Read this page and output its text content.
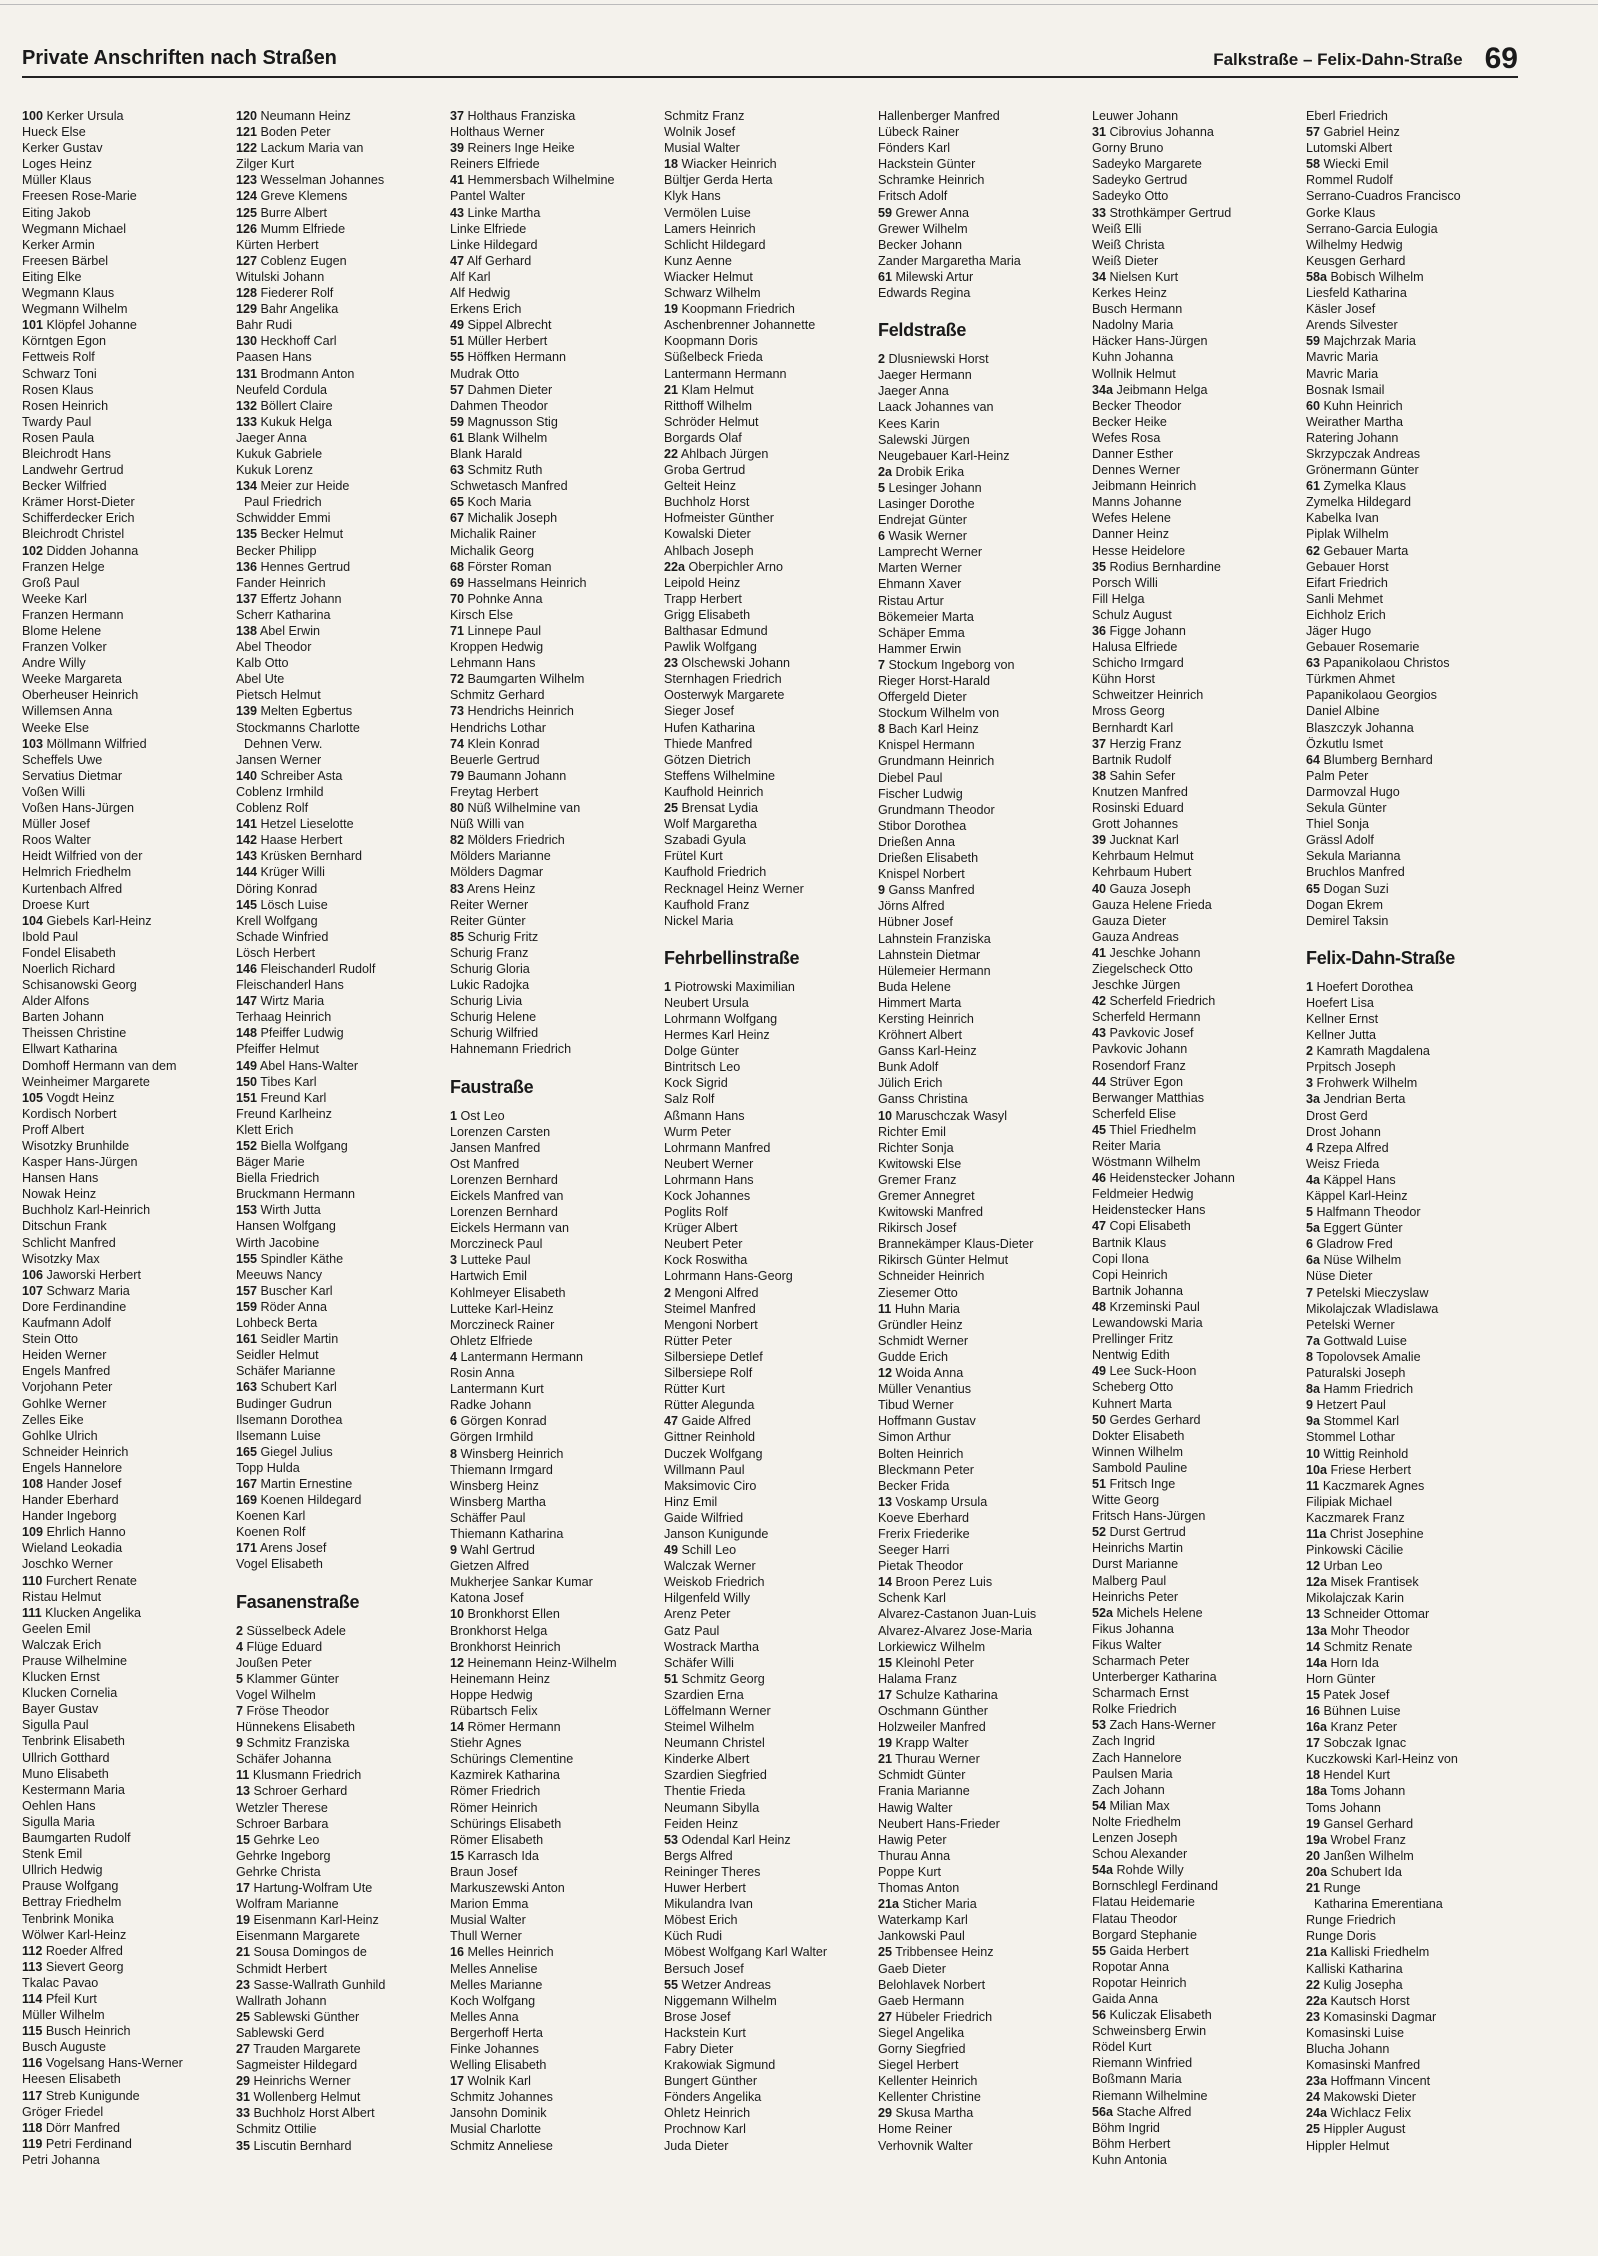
Private Anschriften nach Straßen	Falkstraße – Felix-Dahn-Straße 69
100 Kerker Ursula
Hueck Else
Kerker Gustav
Loges Heinz
Müller Klaus
Freesen Rose-Marie
Eiting Jakob
Wegmann Michael
Kerker Armin
Freesen Bärbel
Eiting Elke
Wegmann Klaus
Wegmann Wilhelm
101 Klöpfel Johanne
Körntgen Egon
Fettweis Rolf
Schwarz Toni
Rosen Klaus
Rosen Heinrich
Twardy Paul
Rosen Paula
Bleichrodt Hans
Landwehr Gertrud
Becker Wilfried
Krämer Horst-Dieter
Schifferdecker Erich
Bleichrodt Christel
102 Didden Johanna
Franzen Helge
Groß Paul
Weeke Karl
Franzen Hermann
Blome Helene
Franzen Volker
Andre Willy
Weeke Margareta
Oberheuser Heinrich
Willemsen Anna
Weeke Else
103 Möllmann Wilfried
Scheffels Uwe
Servatius Dietmar
Voßen Willi
Voßen Hans-Jürgen
Müller Josef
Roos Walter
Heidt Wilfried von der
Helmrich Friedhelm
Kurtenbach Alfred
Droese Kurt
104 Giebels Karl-Heinz
Ibold Paul
Fondel Elisabeth
Noerlich Richard
Schisanowski Georg
Alder Alfons
Barten Johann
Theissen Christine
Ellwart Katharina
Domhoff Hermann van dem
Weinheimer Margarete
105 Vogdt Heinz
Kordisch Norbert
Proff Albert
Wisotzky Brunhilde
Kasper Hans-Jürgen
Hansen Hans
Nowak Heinz
Buchholz Karl-Heinrich
Ditschun Frank
Schlicht Manfred
Wisotzky Max
106 Jaworski Herbert
107 Schwarz Maria
Dore Ferdinandine
Kaufmann Adolf
Stein Otto
Heiden Werner
Engels Manfred
Vorjohann Peter
Gohlke Werner
Zelles Eike
Gohlke Ulrich
Schneider Heinrich
Engels Hannelore
108 Hander Josef
Hander Eberhard
Hander Ingeborg
109 Ehrlich Hanno
Wieland Leokadia
Joschko Werner
110 Furchert Renate
Ristau Helmut
111 Klucken Angelika
Geelen Emil
Walczak Erich
Prause Wilhelmine
Klucken Ernst
Klucken Cornelia
Bayer Gustav
Sigulla Paul
Tenbrink Elisabeth
Ullrich Gotthard
Muno Elisabeth
Kestermann Maria
Oehlen Hans
Sigulla Maria
Baumgarten Rudolf
Stenk Emil
Ullrich Hedwig
Prause Wolfgang
Bettray Friedhelm
Tenbrink Monika
Wölwer Karl-Heinz
112 Roeder Alfred
113 Sievert Georg
Tkalac Pavao
114 Pfeil Kurt
Müller Wilhelm
115 Busch Heinrich
Busch Auguste
116 Vogelsang Hans-Werner
Heesen Elisabeth
117 Streb Kunigunde
Gröger Friedel
118 Dörr Manfred
119 Petri Ferdinand
Petri Johanna
120 Neumann Heinz
121 Boden Peter
122 Lackum Maria van
Zilger Kurt
123 Wesselman Johannes
124 Greve Klemens
125 Burre Albert
126 Mumm Elfriede
Kürten Herbert
127 Coblenz Eugen
Witulski Johann
128 Fiederer Rolf
129 Bahr Angelika
Bahr Rudi
130 Heckhoff Carl
Paasen Hans
131 Brodmann Anton
Neufeld Cordula
132 Böllert Claire
133 Kukuk Helga
Jaeger Anna
Kukuk Gabriele
Kukuk Lorenz
134 Meier zur Heide
Paul Friedrich
Schwidder Emmi
135 Becker Helmut
Becker Philipp
136 Hennes Gertrud
Fander Heinrich
137 Effertz Johann
Scherr Katharina
138 Abel Erwin
Abel Theodor
Kalb Otto
Abel Ute
Pietsch Helmut
139 Melten Egbertus
Stockmanns Charlotte
Dehnen Verw.
Jansen Werner
140 Schreiber Asta
Coblenz Irmhild
Coblenz Rolf
141 Hetzel Lieselotte
142 Haase Herbert
143 Krüsken Bernhard
144 Krüger Willi
Döring Konrad
145 Lösch Luise
Krell Wolfgang
Schade Winfried
Lösch Herbert
146 Fleischanderl Rudolf
Fleischanderl Hans
147 Wirtz Maria
Terhaag Heinrich
148 Pfeiffer Ludwig
Pfeiffer Helmut
149 Abel Hans-Walter
150 Tibes Karl
151 Freund Karl
Freund Karlheinz
Klett Erich
152 Biella Wolfgang
Bäger Marie
Biella Friedrich
Bruckmann Hermann
153 Wirth Jutta
Hansen Wolfgang
Wirth Jacobine
155 Spindler Käthe
Meeuws Nancy
157 Buscher Karl
159 Röder Anna
Lohbeck Berta
161 Seidler Martin
Seidler Helmut
Schäfer Marianne
163 Schubert Karl
Budinger Gudrun
Ilsemann Dorothea
Ilsemann Luise
165 Giegel Julius
Topp Hulda
167 Martin Ernestine
169 Koenen Hildegard
Koenen Karl
Koenen Rolf
171 Arens Josef
Vogel Elisabeth
Fasanenstraße
2 Süsselbeck Adele
4 Flüge Eduard
Joußen Peter
5 Klammer Günter
Vogel Wilhelm
7 Fröse Theodor
Hünnekens Elisabeth
9 Schmitz Franziska
Schäfer Johanna
11 Klusmann Friedrich
13 Schroer Gerhard
Wetzler Therese
Schroer Barbara
15 Gehrke Leo
Gehrke Ingeborg
Gehrke Christa
17 Hartung-Wolfram Ute
Wolfram Marianne
19 Eisenmann Karl-Heinz
Eisenmann Margarete
21 Sousa Domingos de
Schmidt Herbert
23 Sasse-Wallrath Gunhild
Wallrath Johann
25 Sablewski Günther
Sablewski Gerd
27 Trauden Margarete
Sagmeister Hildegard
29 Heinrichs Werner
31 Wollenberg Helmut
33 Buchholz Horst Albert
Schmitz Ottilie
35 Liscutin Bernhard
37 Holthaus Franziska
Holthaus Werner
39 Reiners Inge Heike
Reiners Elfriede
41 Hemmersbach Wilhelmine
Pantel Walter
43 Linke Martha
Linke Elfriede
Linke Hildegard
47 Alf Gerhard
Alf Karl
Alf Hedwig
Erkens Erich
49 Sippel Albrecht
51 Müller Herbert
55 Höffken Hermann
Mudrak Otto
57 Dahmen Dieter
Dahmen Theodor
59 Magnusson Stig
61 Blank Wilhelm
Blank Harald
63 Schmitz Ruth
Schwetasch Manfred
65 Koch Maria
67 Michalik Joseph
Michalik Rainer
Michalik Georg
68 Förster Roman
69 Hasselmans Heinrich
70 Pohnke Anna
Kirsch Else
71 Linnepe Paul
Kroppen Hedwig
Lehmann Hans
72 Baumgarten Wilhelm
Schmitz Gerhard
73 Hendrichs Heinrich
Hendrichs Lothar
74 Klein Konrad
Beuerle Gertrud
79 Baumann Johann
Freytag Herbert
80 Nüß Wilhelmine van
Nüß Willi van
82 Mölders Friedrich
Mölders Marianne
Mölders Dagmar
83 Arens Heinz
Reiter Werner
Reiter Günter
85 Schurig Fritz
Schurig Franz
Schurig Gloria
Lukic Radojka
Schurig Livia
Schurig Helene
Schurig Wilfried
Hahnemann Friedrich
Faustraße
1 Ost Leo
Lorenzen Carsten
Jansen Manfred
Ost Manfred
Lorenzen Bernhard
Eickels Manfred van
Lorenzen Bernhard
Eickels Hermann van
Morczineck Paul
3 Lutteke Paul
Hartwich Emil
Kohlmeyer Elisabeth
Lutteke Karl-Heinz
Morczineck Rainer
Ohletz Elfriede
4 Lantermann Hermann
Rosin Anna
Lantermann Kurt
Radke Johann
6 Görgen Konrad
Görgen Irmhild
8 Winsberg Heinrich
Thiemann Irmgard
Winsberg Heinz
Winsberg Martha
Schäffer Paul
Thiemann Katharina
9 Wahl Gertrud
Gietzen Alfred
Mukherjee Sankar Kumar
Katona Josef
10 Bronkhorst Ellen
Bronkhorst Helga
Bronkhorst Heinrich
12 Heinemann Heinz-Wilhelm
Heinemann Heinz
Hoppe Hedwig
Rübartsch Felix
14 Römer Hermann
Stiehr Agnes
Schürings Clementine
Kazmirek Katharina
Römer Friedrich
Römer Heinrich
Schürings Elisabeth
Römer Elisabeth
15 Karrasch Ida
Braun Josef
Markuszewski Anton
Marion Emma
Musial Walter
Thull Werner
16 Melles Heinrich
Melles Annelise
Melles Marianne
Koch Wolfgang
Melles Anna
Bergerhoff Herta
Finke Johannes
Welling Elisabeth
17 Wolnik Karl
Schmitz Johannes
Jansohn Dominik
Musial Charlotte
Schmitz Anneliese
Schmitz Franz
Wolnik Josef
Musial Walter
18 Wiacker Heinrich
Bültjer Gerda Herta
Klyk Hans
Vermölen Luise
Lamers Heinrich
Schlicht Hildegard
Kunz Aenne
Wiacker Helmut
Schwarz Wilhelm
19 Koopmann Friedrich
Aschenbrenner Johannette
Koopmann Doris
Süßelbeck Frieda
Lantermann Hermann
21 Klam Helmut
Ritthoff Wilhelm
Schröder Helmut
Borgards Olaf
22 Ahlbach Jürgen
Groba Gertrud
Gelteit Heinz
Buchholz Horst
Hofmeister Günther
Kowalski Dieter
Ahlbach Joseph
22a Oberpichler Arno
Leipold Heinz
Trapp Herbert
Grigg Elisabeth
Balthasar Edmund
Pawlik Wolfgang
23 Olschewski Johann
Sternhagen Friedrich
Oosterwyk Margarete
Sieger Josef
Hufen Katharina
Thiede Manfred
Götzen Dietrich
Steffens Wilhelmine
Kaufhold Heinrich
25 Brensat Lydia
Wolf Margaretha
Szabadi Gyula
Frütel Kurt
Kaufhold Friedrich
Recknagel Heinz Werner
Kaufhold Franz
Nickel Maria
Fehrbellinstraße
1 Piotrowski Maximilian
Neubert Ursula
Lohrmann Wolfgang
Hermes Karl Heinz
Dolge Günter
Bintritsch Leo
Kock Sigrid
Salz Rolf
Aßmann Hans
Wurm Peter
Lohrmann Manfred
Neubert Werner
Lohrmann Hans
Kock Johannes
Poglits Rolf
Krüger Albert
Neubert Peter
Kock Roswitha
Lohrmann Hans-Georg
2 Mengoni Alfred
Steimel Manfred
Mengoni Norbert
Rütter Peter
Silbersiepe Detlef
Silbersiepe Rolf
Rütter Kurt
Rütter Alegunda
47 Gaide Alfred
Gittner Reinhold
Duczek Wolfgang
Willmann Paul
Maksimovic Ciro
Hinz Emil
Gaide Wilfried
Janson Kunigunde
49 Schill Leo
Walczak Werner
Weiskob Friedrich
Hilgenfeld Willy
Arenz Peter
Gatz Paul
Wostrack Martha
Schäfer Willi
51 Schmitz Georg
Szardien Erna
Löffelmann Werner
Steimel Wilhelm
Neumann Christel
Kinderke Albert
Szardien Siegfried
Thentie Frieda
Neumann Sibylla
Feiden Heinz
53 Odendal Karl Heinz
Bergs Alfred
Reininger Theres
Huwer Herbert
Mikulandra Ivan
Möbest Erich
Küch Rudi
Möbest Wolfgang Karl Walter
Bersuch Josef
55 Wetzer Andreas
Niggemann Wilhelm
Brose Josef
Hackstein Kurt
Fabry Dieter
Krakowiak Sigmund
Bungert Günther
Fönders Angelika
Ohletz Heinrich
Prochnow Karl
Juda Dieter
Hallenberger Manfred
Lübeck Rainer
Fönders Karl
Hackstein Günter
Schramke Heinrich
Fritsch Adolf
59 Grewer Anna
Grewer Wilhelm
Becker Johann
Zander Margaretha Maria
61 Milewski Artur
Edwards Regina
Feldstraße
2 Dlusniewski Horst
Jaeger Hermann
Jaeger Anna
Laack Johannes van
Kees Karin
Salewski Jürgen
Neugebauer Karl-Heinz
2a Drobik Erika
5 Lesinger Johann
Lasinger Dorothe
Endrejat Günter
6 Wasik Werner
Lamprecht Werner
Marten Werner
Ehmann Xaver
Ristau Artur
Bökemeier Marta
Schäper Emma
Hammer Erwin
7 Stockum Ingeborg von
Rieger Horst-Harald
Offergeld Dieter
Stockum Wilhelm von
8 Bach Karl Heinz
Knispel Hermann
Grundmann Heinrich
Diebel Paul
Fischer Ludwig
Grundmann Theodor
Stibor Dorothea
Drießen Anna
Drießen Elisabeth
Knispel Norbert
9 Ganss Manfred
Jörns Alfred
Hübner Josef
Lahnstein Franziska
Lahnstein Dietmar
Hülemeier Hermann
Buda Helene
Himmert Marta
Kersting Heinrich
Kröhnert Albert
Ganss Karl-Heinz
Bunk Adolf
Jülich Erich
Ganss Christina
10 Maruschczak Wasyl
Richter Emil
Richter Sonja
Kwitowski Else
Gremer Franz
Gremer Annegret
Kwitowski Manfred
Rikirsch Josef
Brannekämper Klaus-Dieter
Rikirsch Günter Helmut
Schneider Heinrich
Ziesemer Otto
11 Huhn Maria
Gründler Heinz
Schmidt Werner
Gudde Erich
12 Woida Anna
Müller Venantius
Tibud Werner
Hoffmann Gustav
Simon Arthur
Bolten Heinrich
Bleckmann Peter
Becker Frida
13 Voskamp Ursula
Koeve Eberhard
Frerix Friederike
Seeger Harri
Pietak Theodor
14 Broon Perez Luis
Schenk Karl
Alvarez-Castanon Juan-Luis
Alvarez-Alvarez Jose-Maria
Lorkiewicz Wilhelm
15 Kleinohl Peter
Halama Franz
17 Schulze Katharina
Oschmann Günther
Holzweiler Manfred
19 Krapp Walter
21 Thurau Werner
Schmidt Günter
Frania Marianne
Hawig Walter
Neubert Hans-Frieder
Hawig Peter
Thurau Anna
Poppe Kurt
Thomas Anton
21a Sticher Maria
Waterkamp Karl
Jankowski Paul
25 Tribbensee Heinz
Gaeb Dieter
Belohlavek Norbert
Gaeb Hermann
27 Hübeler Friedrich
Siegel Angelika
Gorny Siegfried
Siegel Herbert
Kellenter Heinrich
Kellenter Christine
29 Skusa Martha
Home Reiner
Verhovnik Walter
Leuwer Johann
31 Cibrovius Johanna
Gorny Bruno
Sadeyko Margarete
Sadeyko Gertrud
Sadeyko Otto
33 Strothkämper Gertrud
Weiß Elli
Weiß Christa
Weiß Dieter
34 Nielsen Kurt
Kerkes Heinz
Busch Hermann
Nadolny Maria
Häcker Hans-Jürgen
Kuhn Johanna
Wollnik Helmut
34a Jeibmann Helga
Becker Theodor
Becker Heike
Wefes Rosa
Danner Esther
Dennes Werner
Jeibmann Heinrich
Manns Johanne
Wefes Helene
Danner Heinz
Hesse Heidelore
35 Rodius Bernhardine
Porsch Willi
Fill Helga
Schulz August
36 Figge Johann
Halusa Elfriede
Schicho Irmgard
Kühn Horst
Schweitzer Heinrich
Mross Georg
Bernhardt Karl
37 Herzig Franz
Bartnik Rudolf
38 Sahin Sefer
Knutzen Manfred
Rosinski Eduard
Grott Johannes
39 Jucknat Karl
Kehrbaum Helmut
Kehrbaum Hubert
40 Gauza Joseph
Gauza Helene Frieda
Gauza Dieter
Gauza Andreas
41 Jeschke Johann
Ziegelscheck Otto
Jeschke Jürgen
42 Scherfeld Friedrich
Scherfeld Hermann
43 Pavkovic Josef
Pavkovic Johann
Rosendorf Franz
44 Strüver Egon
Berwanger Matthias
Scherfeld Elise
45 Thiel Friedhelm
Reiter Maria
Wöstmann Wilhelm
46 Heidenstecker Johann
Feldmeier Hedwig
Heidenstecker Hans
47 Copi Elisabeth
Bartnik Klaus
Copi Ilona
Copi Heinrich
Bartnik Johanna
48 Krzeminski Paul
Lewandowski Maria
Prellinger Fritz
Nentwig Edith
49 Lee Suck-Hoon
Scheberg Otto
Kuhnert Marta
50 Gerdes Gerhard
Dokter Elisabeth
Winnen Wilhelm
Sambold Pauline
51 Fritsch Inge
Witte Georg
Fritsch Hans-Jürgen
52 Durst Gertrud
Heinrichs Martin
Durst Marianne
Malberg Paul
Heinrichs Peter
52a Michels Helene
Fikus Johanna
Fikus Walter
Scharmach Peter
Unterberger Katharina
Scharmach Ernst
Rolke Friedrich
53 Zach Hans-Werner
Zach Ingrid
Zach Hannelore
Paulsen Maria
Zach Johann
54 Milian Max
Nolte Friedhelm
Lenzen Joseph
Schou Alexander
54a Rohde Willy
Bornschlegl Ferdinand
Flatau Heidemarie
Flatau Theodor
Borgard Stephanie
55 Gaida Herbert
Ropotar Anna
Ropotar Heinrich
Gaida Anna
56 Kuliczak Elisabeth
Schweinsberg Erwin
Rödel Kurt
Riemann Winfried
Boßmann Maria
Riemann Wilhelmine
56a Stache Alfred
Böhm Ingrid
Böhm Herbert
Kuhn Antonia
Eberl Friedrich
57 Gabriel Heinz
Lutomski Albert
58 Wiecki Emil
Rommel Rudolf
Serrano-Cuadros Francisco
Gorke Klaus
Serrano-Garcia Eulogia
Wilhelmy Hedwig
Keusgen Gerhard
58a Bobisch Wilhelm
Liesfeld Katharina
Käsler Josef
Arends Silvester
59 Majchrzak Maria
Mavric Maria
Mavric Maria
Bosnak Ismail
60 Kuhn Heinrich
Weirather Martha
Ratering Johann
Skrzypczak Andreas
Grönermann Günter
61 Zymelka Klaus
Zymelka Hildegard
Kabelka Ivan
Piplak Wilhelm
62 Gebauer Marta
Gebauer Horst
Eifart Friedrich
Sanli Mehmet
Eichholz Erich
Jäger Hugo
Gebauer Rosemarie
63 Papanikolaou Christos
Türkmen Ahmet
Papanikolaou Georgios
Daniel Albine
Blaszczyk Johanna
Özkutlu Ismet
64 Blumberg Bernhard
Palm Peter
Darmovzal Hugo
Sekula Günter
Thiel Sonja
Grässl Adolf
Sekula Marianna
Bruchlos Manfred
65 Dogan Suzi
Dogan Ekrem
Demirel Taksin
Felix-Dahn-Straße
1 Hoefert Dorothea
Hoefert Lisa
Kellner Ernst
Kellner Jutta
2 Kamrath Magdalena
Prpitsch Joseph
3 Frohwerk Wilhelm
3a Jendrian Berta
Drost Gerd
Drost Johann
4 Rzepa Alfred
Weisz Frieda
4a Käppel Hans
Käppel Karl-Heinz
5 Halfmann Theodor
5a Eggert Günter
6 Gladrow Fred
6a Nüse Wilhelm
Nüse Dieter
7 Petelski Mieczyslaw
Mikolajczak Wladislawa
Petelski Werner
7a Gottwald Luise
8 Topolovsek Amalie
Paturalski Joseph
8a Hamm Friedrich
9 Hetzert Paul
9a Stommel Karl
Stommel Lothar
10 Wittig Reinhold
10a Friese Herbert
11 Kaczmarek Agnes
Filipiak Michael
Kaczmarek Franz
11a Christ Josephine
Pinkowski Cäcilie
12 Urban Leo
12a Misek Frantisek
Mikolajczak Karin
13 Schneider Ottomar
13a Mohr Theodor
14 Schmitz Renate
14a Horn Ida
Horn Günter
15 Patek Josef
16 Bühnen Luise
16a Kranz Peter
17 Sobczak Ignac
Kuczkowski Karl-Heinz von
18 Hendel Kurt
18a Toms Johann
Toms Johann
19 Gansel Gerhard
19a Wrobel Franz
20 Janßen Wilhelm
20a Schubert Ida
21 Runge
Katharina Emerentiana
Runge Friedrich
Runge Doris
21a Kalliski Friedhelm
Kalliski Katharina
22 Kulig Josepha
22a Kautsch Horst
23 Komasinski Dagmar
Komasinski Luise
Blucha Johann
Komasinski Manfred
23a Hoffmann Vincent
24 Makowski Dieter
24a Wichlacz Felix
25 Hippler August
Hippler Helmut
